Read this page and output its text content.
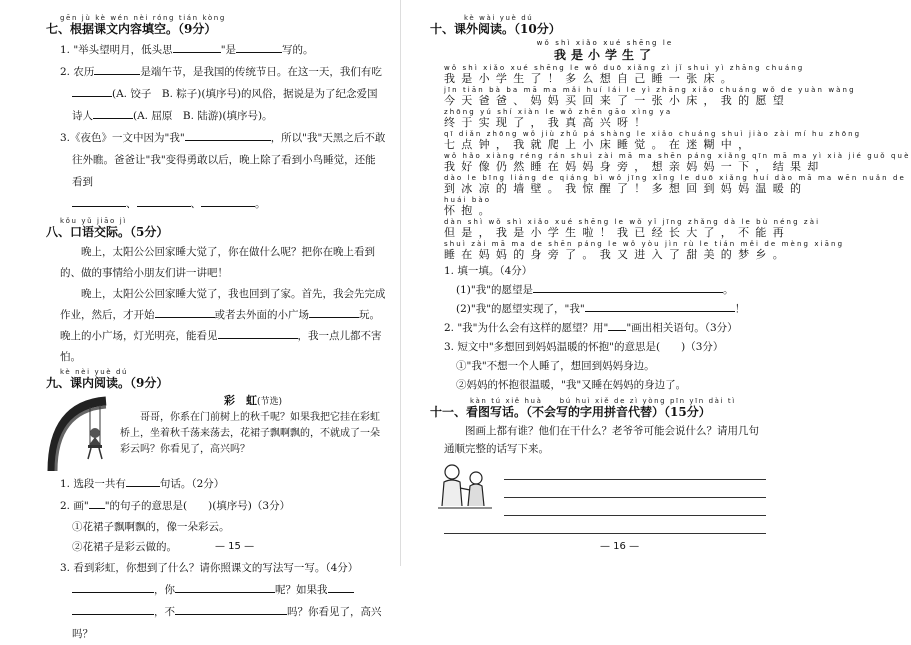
gēn jù kè wén nèi róng tián kòng
七、根据课文内容填空。（9分）

1. "举头望明月，低头思	"是	写的。

2. 农历	是端午节，是我国的传统节日。在这一天，我们有吃

(A. 饺子　B. 粽子)(填序号)的风俗，据说是为了纪念爱国

诗人	(A. 屈原　B. 陆游)(填序号)。

3.《夜色》一文中因为"我"	，所以"我"天黑之后不敢

往外瞧。爸爸让"我"变得勇敢以后，晚上除了看到小鸟睡觉，还能看到

、	、	。

kǒu yǔ jiāo jì
八、口语交际。（5分）

晚上，太阳公公回家睡大觉了，你在做什么呢？把你在晚上看到的、做的事情给小朋友们讲一讲吧！

晚上，太阳公公回家睡大觉了，我也回到了家。首先，我会先完成作业，然后，才开始	或者去外面的小广场	玩。晚上的小广场，灯光明亮，能看见	，我一点儿都不害怕。

kè nèi yuè dú
九、课内阅读。（9分）
彩　虹(节选)
哥哥，你系在门前树上的秋千呢？如果我把它挂在彩虹桥上，坐着秋千荡来荡去，花裙子飘啊飘的，不就成了一朵彩云吗？你看见了，高兴吗？

1. 选段一共有	句话。（2分）

2. 画" "的句子的意思是(　　)(填序号)（3分）

①花裙子飘啊飘的，像一朵彩云。

②花裙子是彩云做的。

3. 看到彩虹，你想到了什么？请你照课文的写法写一写。（4分）

，你	呢？如果我

，不	吗？你看见了，高兴吗？

— 15 —
kè wài yuè dú
十、课外阅读。（10分）
wǒ shì xiǎo xué shēng le
我是小学生了
wǒ shì xiǎo xué shēng le wǒ duō xiǎng zì jǐ shuì yì zhāng chuáng
我是小学生了！多么想自己睡一张床。
jīn tiān bà ba mā ma mǎi huí lái le yì zhāng xiǎo chuáng wǒ de yuàn wàng
今天爸爸、妈妈买回来了一张小床，我的愿望
zhōng yú shí xiàn le wǒ zhēn gāo xìng ya
终于实现了，我真高兴呀！
qī diǎn zhōng wǒ jiù zhǔ pá shàng le xiǎo chuáng shuì jiào zài mí hu zhōng
七点钟，我就爬上小床睡觉。在迷糊中，
wǒ hǎo xiàng réng rán shuì zài mā ma shēn páng xiǎng qīn mā ma yì xià jié guǒ què
我好像仍然睡在妈妈身旁，想亲妈妈一下，结果却
dào le bīng liáng de qiáng bì wǒ jīng xǐng le duō xiǎng huí dào mā ma wēn nuǎn de
到冰凉的墙壁。我惊醒了！多想回到妈妈温暖的
huái bào
怀抱。
dàn shì wǒ shì xiǎo xué shēng le wǒ yǐ jīng zhǎng dà le bù néng zài
但是，我是小学生啦！我已经长大了，不能再
shuì zài mā ma de shēn páng le wǒ yòu jìn rù le tián měi de mèng xiāng
睡在妈妈的身旁了。我又进入了甜美的梦乡。

1. 填一填。（4分）

(1)"我"的愿望是	。

(2)"我"的愿望实现了，"我"	！

2. "我"为什么会有这样的愿望？用" "画出相关语句。（3分）

3. 短文中"多想回到妈妈温暖的怀抱"的意思是(　　)（3分）

①"我"不想一个人睡了，想回到妈妈身边。

②妈妈的怀抱很温暖，"我"又睡在妈妈的身边了。

kàn tú xiě huà　　bú huì xiě de zì yòng pīn yīn dài tì
十一、看图写话。（不会写的字用拼音代替）（15分）

图画上都有谁？他们在干什么？老爷爷可能会说什么？请用几句通顺完整的话写下来。

— 16 —
